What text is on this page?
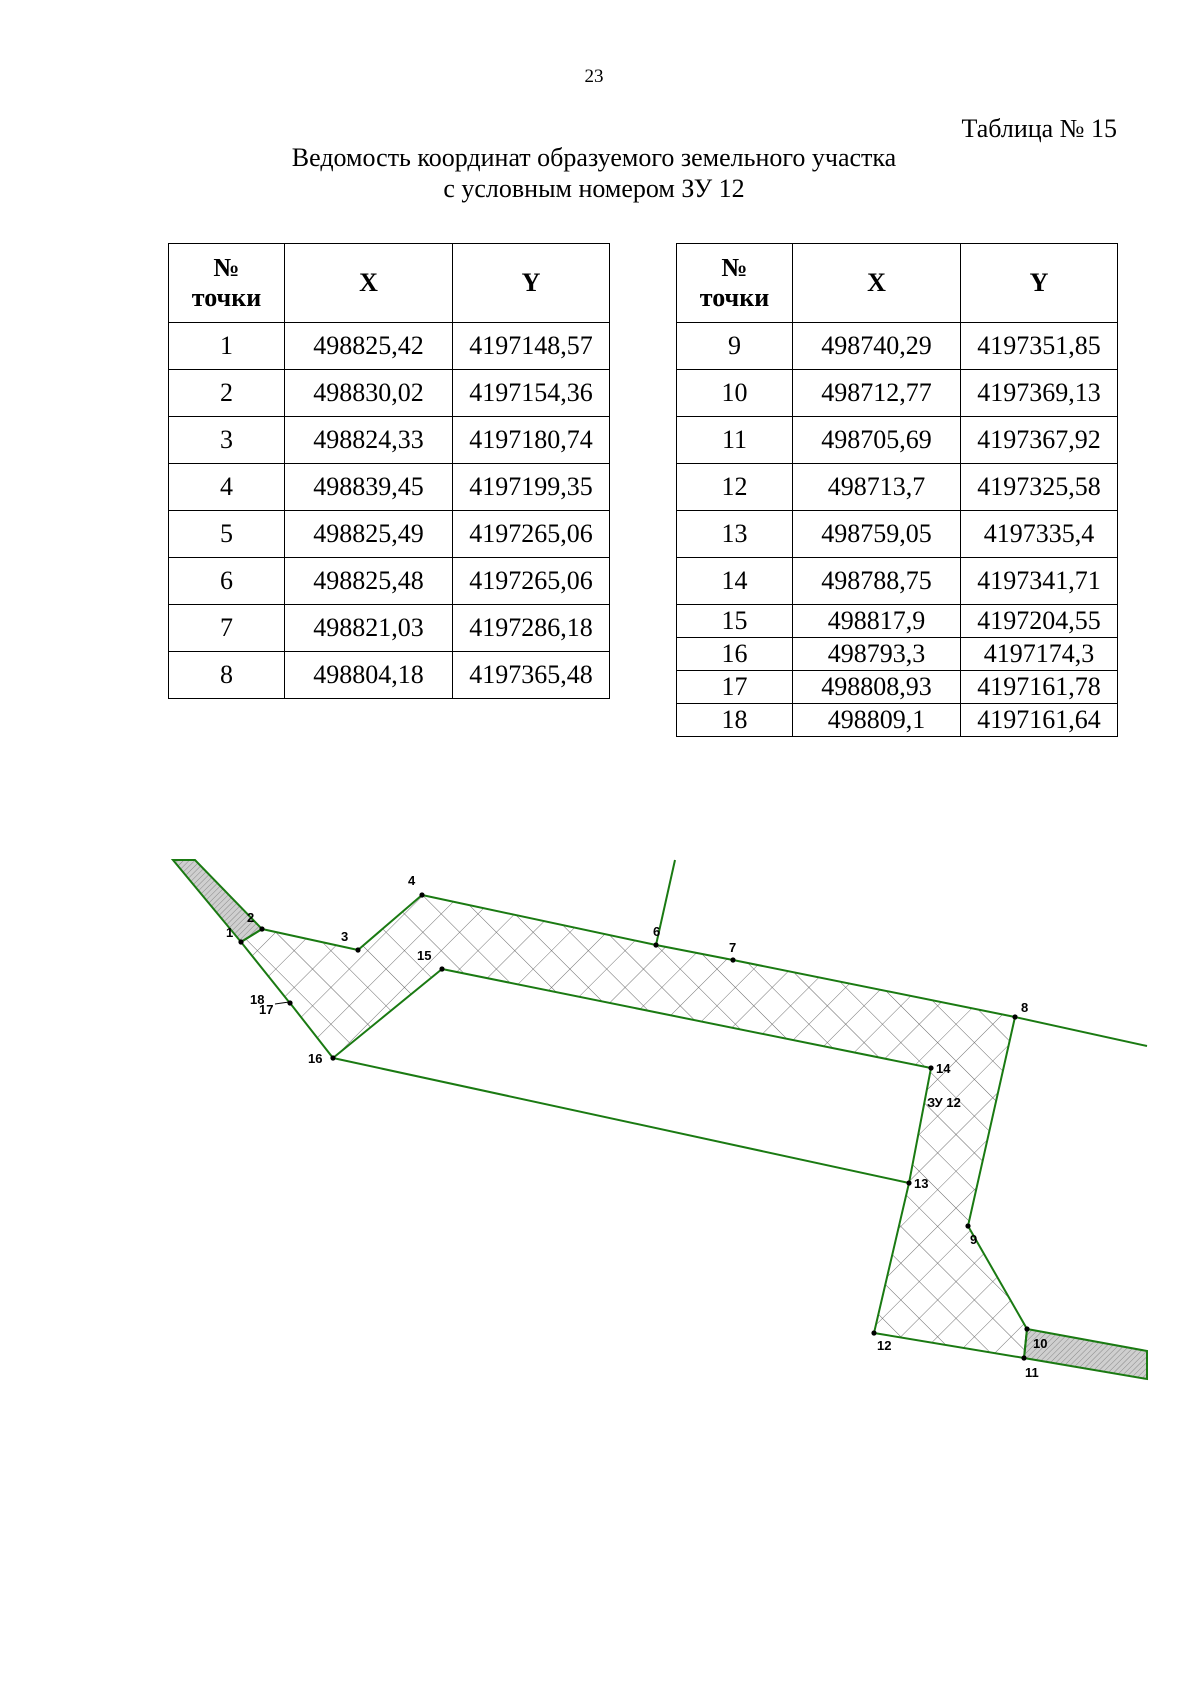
23
Таблица № 15
Ведомость координат образуемого земельного участка
с условным номером ЗУ 12
№
точки	X	Y
1	498825,42	4197148,57
2	498830,02	4197154,36
3	498824,33	4197180,74
4	498839,45	4197199,35
5	498825,49	4197265,06
6	498825,48	4197265,06
7	498821,03	4197286,18
8	498804,18	4197365,48
№
точки	X	Y
9	498740,29	4197351,85
10	498712,77	4197369,13
11	498705,69	4197367,92
12	498713,7	4197325,58
13	498759,05	4197335,4
14	498788,75	4197341,71
15	498817,9	4197204,55
16	498793,3	4197174,3
17	498808,93	4197161,78
18	498809,1	4197161,64
1
2
3
4
6
7
8
9
10
11
12
13
14
15
16
17
18
ЗУ 12
